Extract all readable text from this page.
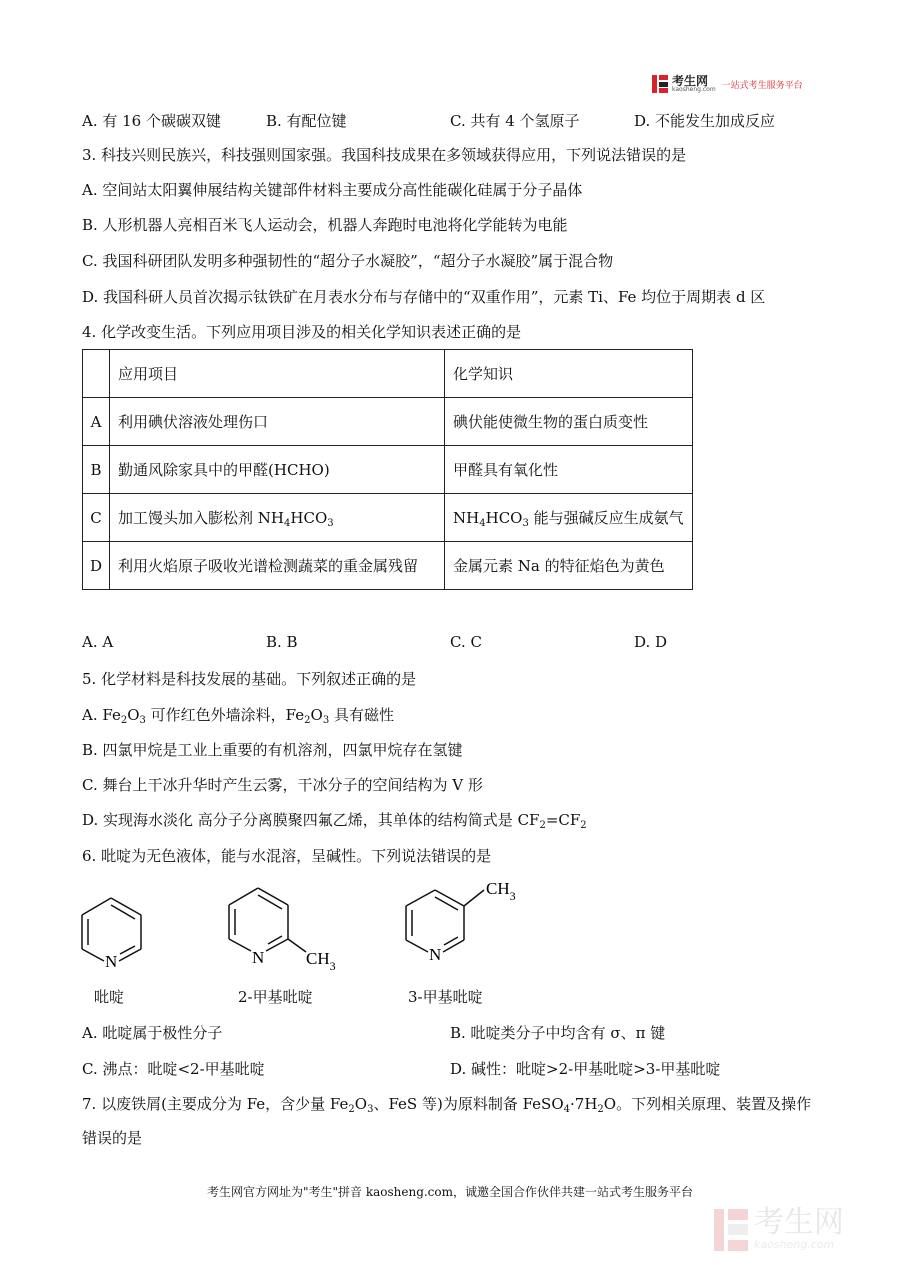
考生网
kaosheng.com 一站式考生服务平台
A. 有 16 个碳碳双键	B. 有配位键	C. 共有 4 个氢原子	D. 不能发生加成反应
3. 科技兴则民族兴，科技强则国家强。我国科技成果在多领域获得应用，下列说法错误的是
A. 空间站太阳翼伸展结构关键部件材料主要成分高性能碳化硅属于分子晶体
B. 人形机器人亮相百米飞人运动会，机器人奔跑时电池将化学能转为电能
C. 我国科研团队发明多种强韧性的“超分子水凝胶”，“超分子水凝胶”属于混合物
D. 我国科研人员首次揭示钛铁矿在月表水分布与存储中的“双重作用”，元素 Ti、Fe 均位于周期表 d 区
4. 化学改变生活。下列应用项目涉及的相关化学知识表述正确的是
	应用项目	化学知识
A	利用碘伏溶液处理伤口	碘伏能使微生物的蛋白质变性
B	勤通风除家具中的甲醛(HCHO)	甲醛具有氧化性
C	加工馒头加入膨松剂 $NH_4HCO_3$	$NH_4HCO_3$ 能与强碱反应生成氨气
D	利用火焰原子吸收光谱检测蔬菜的重金属残留	金属元素 Na 的特征焰色为黄色
A. A	B. B	C. C	D. D
5. 化学材料是科技发展的基础。下列叙述正确的是
A. $Fe_2O_3$ 可作红色外墙涂料，$Fe_2O_3$ 具有磁性
B. 四氯甲烷是工业上重要的有机溶剂，四氯甲烷存在氢键
C. 舞台上干冰升华时产生云雾，干冰分子的空间结构为 V 形
D. 实现海水淡化 高分子分离膜聚四氟乙烯，其单体的结构简式是 $CF_2=CF_2$
6. 吡啶为无色液体，能与水混溶，呈碱性。下列说法错误的是
N
吡啶
N $CH_3$
2-甲基吡啶
N
$CH_3$
3-甲基吡啶
A. 吡啶属于极性分子	B. 吡啶类分子中均含有 σ、π 键
C. 沸点：吡啶<2-甲基吡啶	D. 碱性：吡啶>2-甲基吡啶>3-甲基吡啶
7. 以废铁屑(主要成分为 Fe，含少量 $Fe_2O_3$、FeS 等)为原料制备 $FeSO_4\cdot 7H_2O$。下列相关原理、装置及操作
错误的是
考生网官方网址为"考生"拼音 kaosheng.com，诚邀全国合作伙伴共建一站式考生服务平台
考生网
kaosheng.com
